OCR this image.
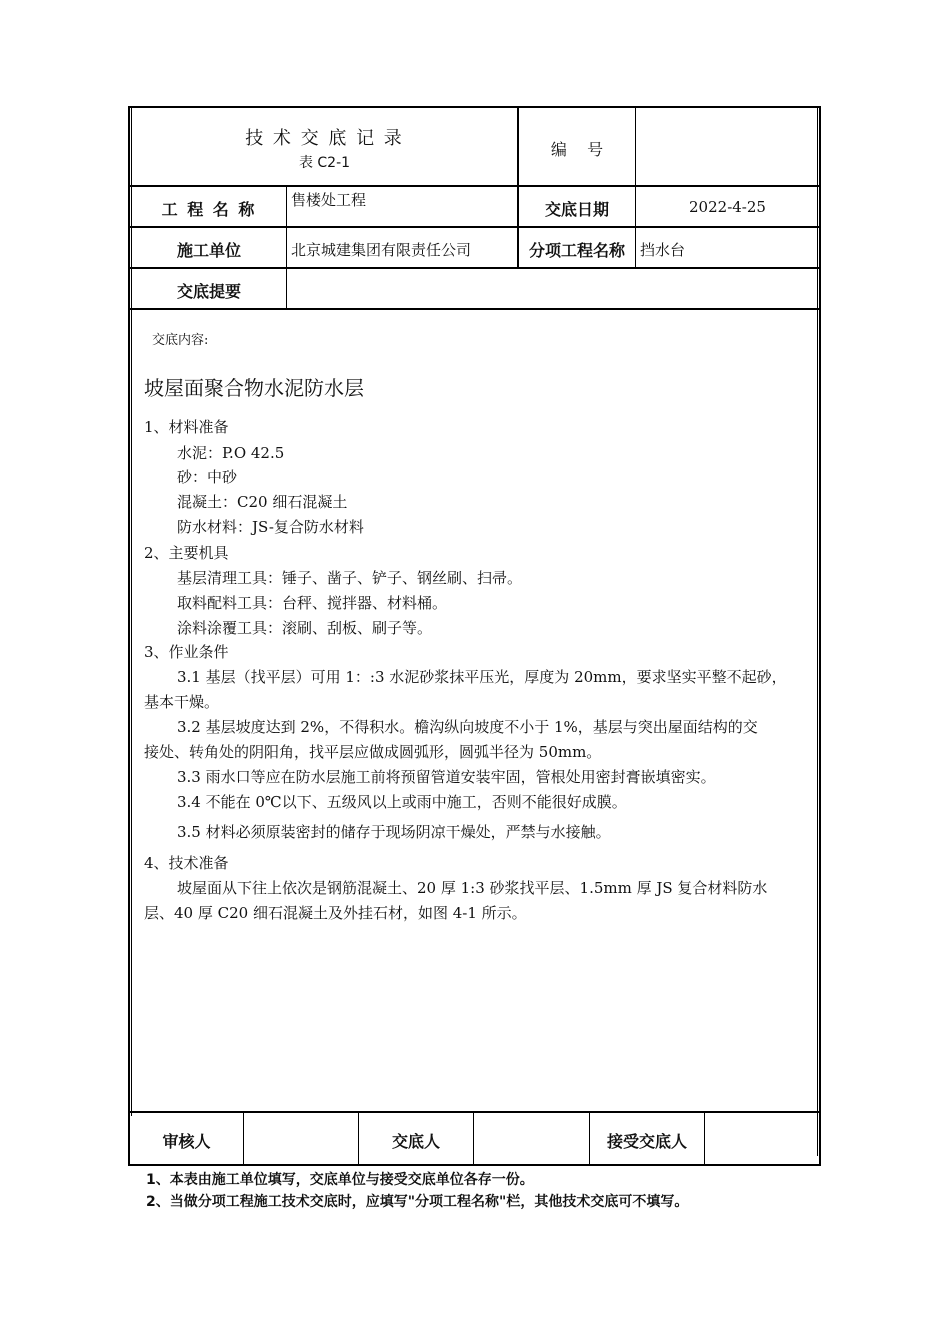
技 术 交 底 记 录
表 C2-1
编    号
工 程 名 称	售楼处工程	交底日期	2022-4-25
施工单位	北京城建集团有限责任公司	分项工程名称	挡水台
交底提要
交底内容:
坡屋面聚合物水泥防水层
1、材料准备
水泥：P.O 42.5
砂：中砂
混凝土：C20 细石混凝土
防水材料：JS-复合防水材料
2、主要机具
基层清理工具：锤子、凿子、铲子、钢丝刷、扫帚。
取料配料工具：台秤、搅拌器、材料桶。
涂料涂覆工具：滚刷、刮板、刷子等。
3、作业条件
3.1 基层（找平层）可用 1：:3 水泥砂浆抹平压光，厚度为 20mm，要求坚实平整不起砂，
基本干燥。
3.2 基层坡度达到 2%，不得积水。檐沟纵向坡度不小于 1%，基层与突出屋面结构的交
接处、转角处的阴阳角，找平层应做成圆弧形，圆弧半径为 50mm。
3.3 雨水口等应在防水层施工前将预留管道安装牢固，管根处用密封膏嵌填密实。
3.4 不能在 0℃以下、五级风以上或雨中施工，否则不能很好成膜。
3.5 材料必须原装密封的储存于现场阴凉干燥处，严禁与水接触。
4、技术准备
坡屋面从下往上依次是钢筋混凝土、20 厚 1:3 砂浆找平层、1.5mm 厚 JS 复合材料防水
层、40 厚 C20 细石混凝土及外挂石材，如图 4-1 所示。
审核人	交底人	接受交底人
1、本表由施工单位填写，交底单位与接受交底单位各存一份。
2、当做分项工程施工技术交底时，应填写"分项工程名称"栏，其他技术交底可不填写。
